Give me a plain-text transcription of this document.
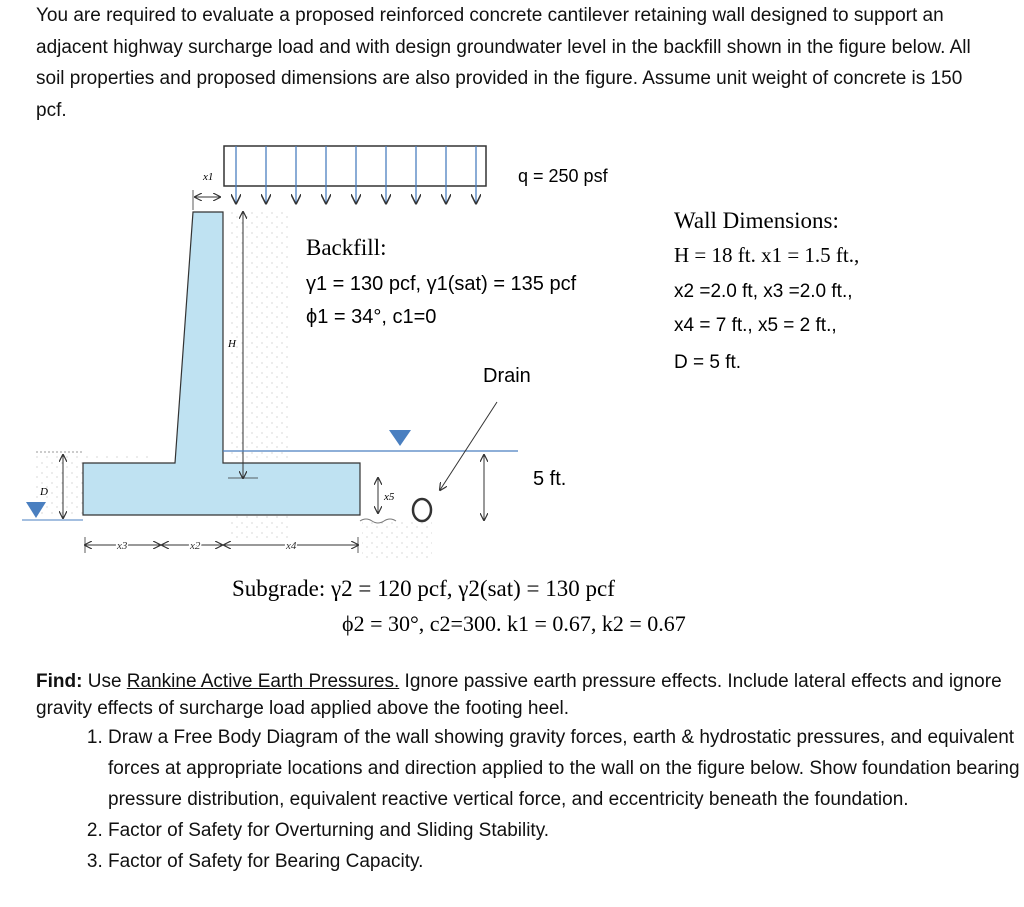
You are required to evaluate a proposed reinforced concrete cantilever retaining wall designed to support an adjacent highway surcharge load and with design groundwater level in the backfill shown in the figure below. All soil properties and proposed dimensions are also provided in the figure. Assume unit weight of concrete is 150 pcf.

x1
H
x5
D
x3	x2	x4
q = 250 psf
Backfill:
γ1 = 130 pcf, γ1(sat) = 135 pcf
ϕ1 = 34°, c1=0
Drain
5 ft.
Wall Dimensions:
H = 18 ft. x1 = 1.5 ft.,
x2 =2.0 ft, x3 =2.0 ft.,
x4 = 7 ft., x5 = 2 ft.,
D = 5 ft.
Subgrade: γ2 = 120 pcf, γ2(sat) = 130 pcf
ϕ2 = 30°, c2=300. k1 = 0.67, k2 = 0.67

Find: Use Rankine Active Earth Pressures. Ignore passive earth pressure effects. Include lateral effects and ignore gravity effects of surcharge load applied above the footing heel.

1. Draw a Free Body Diagram of the wall showing gravity forces, earth & hydrostatic pressures, and equivalent forces at appropriate locations and direction applied to the wall on the figure below. Show foundation bearing pressure distribution, equivalent reactive vertical force, and eccentricity beneath the foundation.
2. Factor of Safety for Overturning and Sliding Stability.
3. Factor of Safety for Bearing Capacity.
